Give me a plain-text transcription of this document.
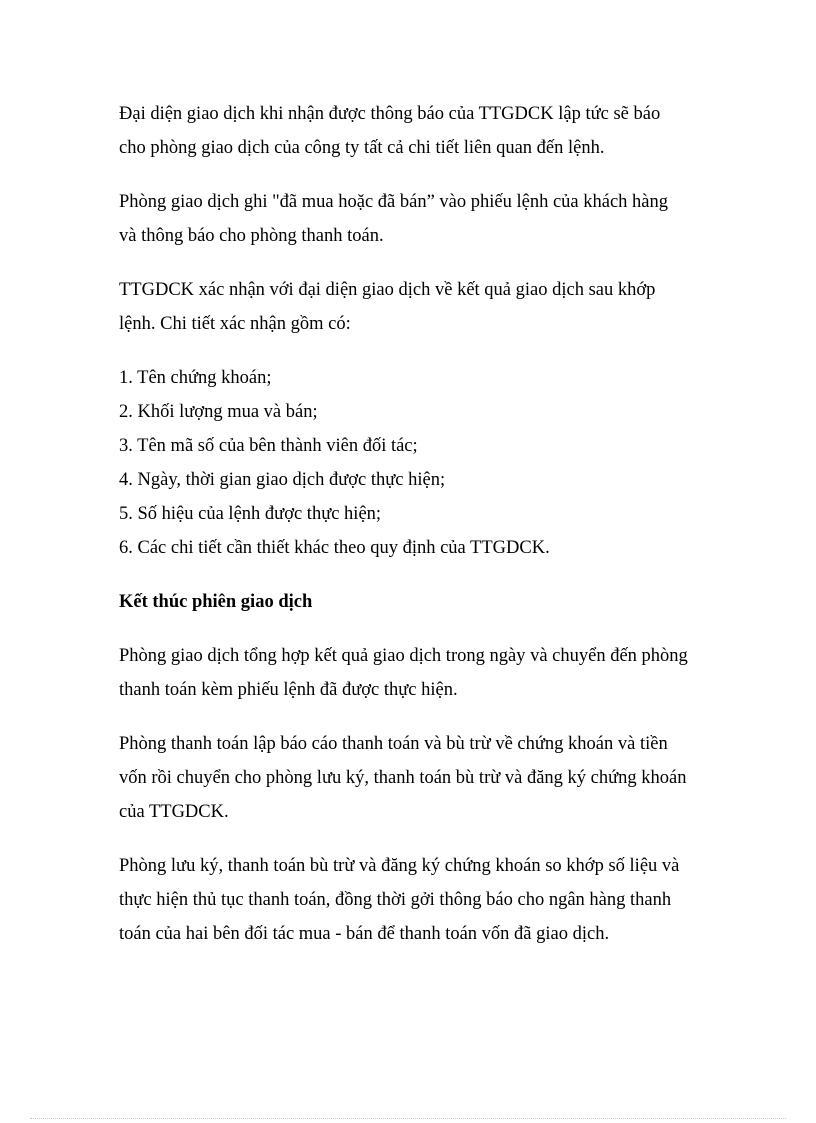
Đại diện giao dịch khi nhận được thông báo của TTGDCK lập tức sẽ báo
cho phòng giao dịch của công ty tất cả chi tiết liên quan đến lệnh.

Phòng giao dịch ghi "đã mua hoặc đã bán” vào phiếu lệnh của khách hàng
và thông báo cho phòng thanh toán.

TTGDCK xác nhận với đại diện giao dịch về kết quả giao dịch sau khớp
lệnh. Chi tiết xác nhận gồm có:

1. Tên chứng khoán;
2. Khối lượng mua và bán;
3. Tên mã số của bên thành viên đối tác;
4. Ngày, thời gian giao dịch được thực hiện;
5. Số hiệu của lệnh được thực hiện;
6. Các chi tiết cần thiết khác theo quy định của TTGDCK.

Kết thúc phiên giao dịch

Phòng giao dịch tổng hợp kết quả giao dịch trong ngày và chuyển đến phòng
thanh toán kèm phiếu lệnh đã được thực hiện.

Phòng thanh toán lập báo cáo thanh toán và bù trừ về chứng khoán và tiền
vốn rồi chuyển cho phòng lưu ký, thanh toán bù trừ và đăng ký chứng khoán
của TTGDCK.

Phòng lưu ký, thanh toán bù trừ và đăng ký chứng khoán so khớp số liệu và
thực hiện thủ tục thanh toán, đồng thời gởi thông báo cho ngân hàng thanh
toán của hai bên đối tác mua - bán để thanh toán vốn đã giao dịch.
